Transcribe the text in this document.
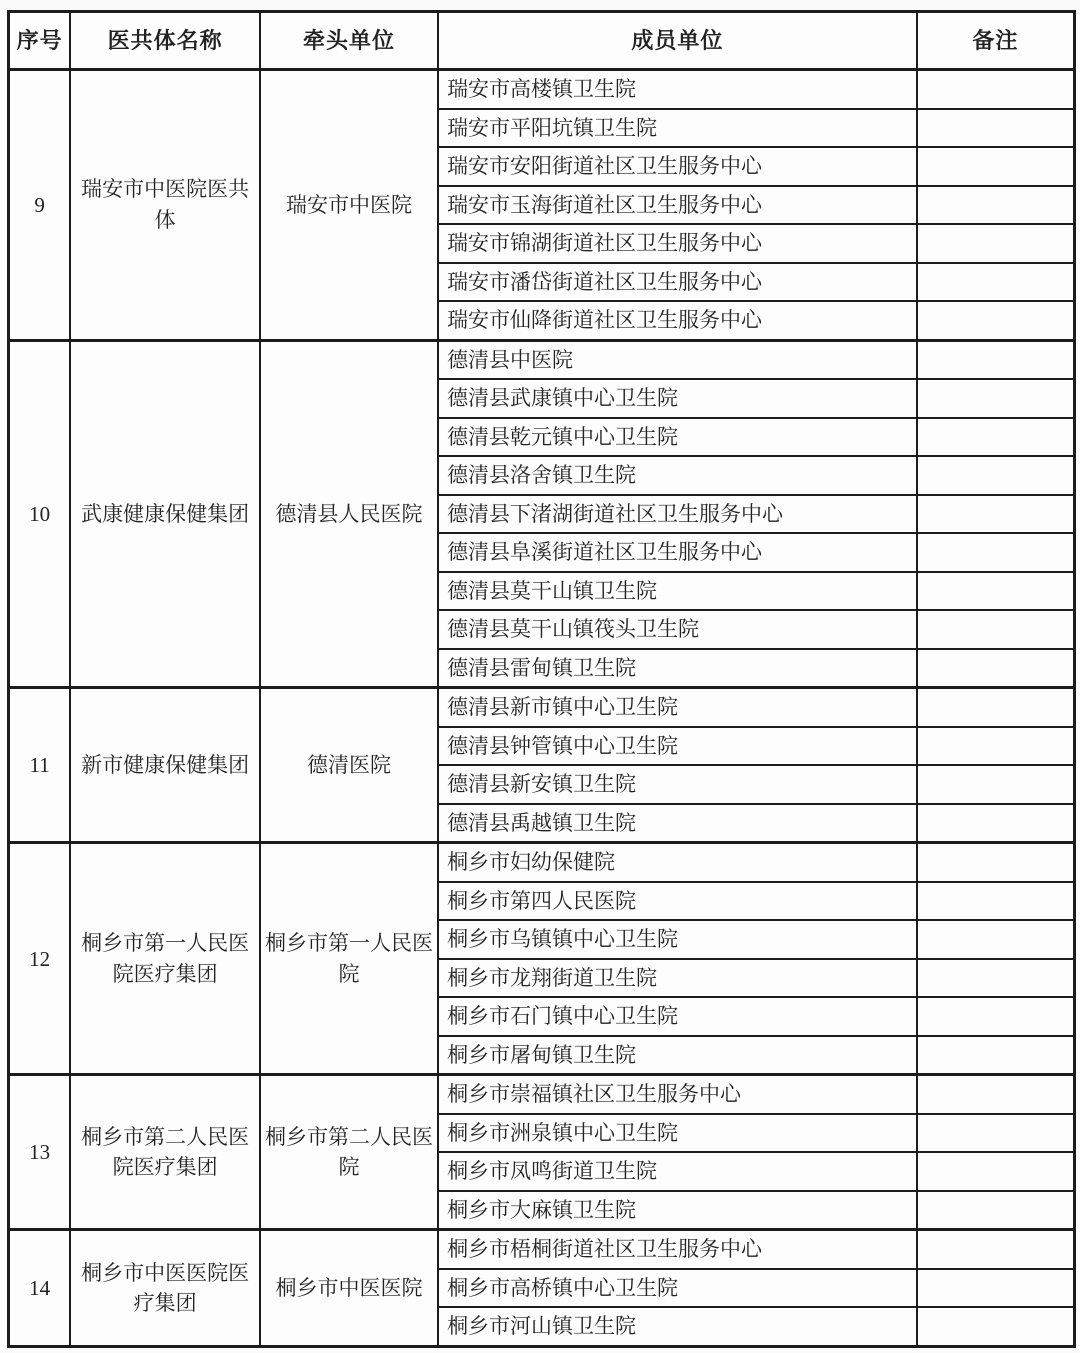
序号	医共体名称	牵头单位	成员单位	备注
9	瑞安市中医院医共体	瑞安市中医院	瑞安市高楼镇卫生院	
			瑞安市平阳坑镇卫生院	
			瑞安市安阳街道社区卫生服务中心	
			瑞安市玉海街道社区卫生服务中心	
			瑞安市锦湖街道社区卫生服务中心	
			瑞安市潘岱街道社区卫生服务中心	
			瑞安市仙降街道社区卫生服务中心	
10	武康健康保健集团	德清县人民医院	德清县中医院	
			德清县武康镇中心卫生院	
			德清县乾元镇中心卫生院	
			德清县洛舍镇卫生院	
			德清县下渚湖街道社区卫生服务中心	
			德清县阜溪街道社区卫生服务中心	
			德清县莫干山镇卫生院	
			德清县莫干山镇筏头卫生院	
			德清县雷甸镇卫生院	
11	新市健康保健集团	德清医院	德清县新市镇中心卫生院	
			德清县钟管镇中心卫生院	
			德清县新安镇卫生院	
			德清县禹越镇卫生院	
12	桐乡市第一人民医院医疗集团	桐乡市第一人民医院	桐乡市妇幼保健院	
			桐乡市第四人民医院	
			桐乡市乌镇镇中心卫生院	
			桐乡市龙翔街道卫生院	
			桐乡市石门镇中心卫生院	
			桐乡市屠甸镇卫生院	
13	桐乡市第二人民医院医疗集团	桐乡市第二人民医院	桐乡市崇福镇社区卫生服务中心	
			桐乡市洲泉镇中心卫生院	
			桐乡市凤鸣街道卫生院	
			桐乡市大麻镇卫生院	
14	桐乡市中医医院医疗集团	桐乡市中医医院	桐乡市梧桐街道社区卫生服务中心	
			桐乡市高桥镇中心卫生院	
			桐乡市河山镇卫生院	
